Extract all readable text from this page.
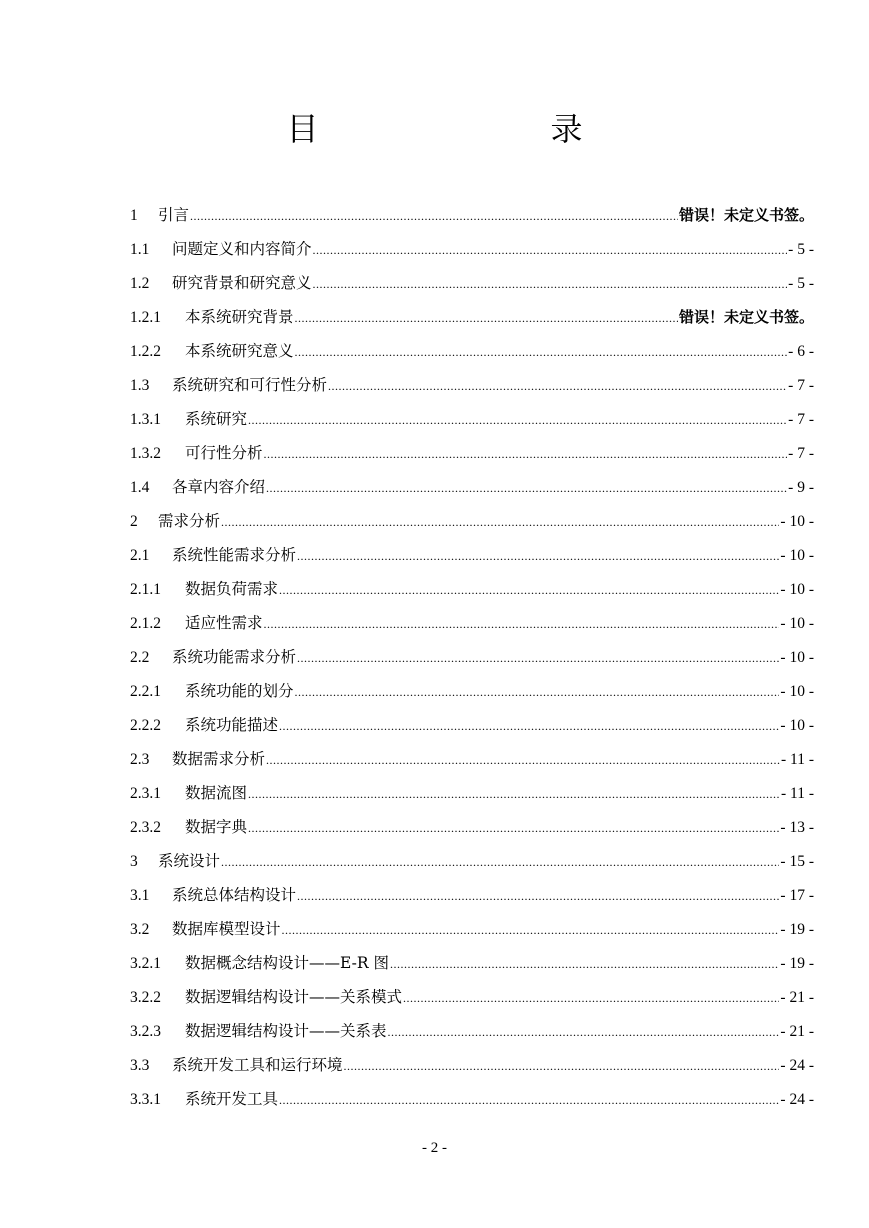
目　　录
1	引言 .....	错误！未定义书签。
1.1	问题定义和内容简介 .....	- 5 -
1.2	研究背景和研究意义 .....	- 5 -
1.2.1	本系统研究背景 .....	错误！未定义书签。
1.2.2	本系统研究意义 .....	- 6 -
1.3	系统研究和可行性分析 .....	- 7 -
1.3.1	系统研究 .....	- 7 -
1.3.2	可行性分析 .....	- 7 -
1.4	各章内容介绍 .....	- 9 -
2	需求分析 .....	- 10 -
2.1	系统性能需求分析 .....	- 10 -
2.1.1	数据负荷需求 .....	- 10 -
2.1.2	适应性需求 .....	- 10 -
2.2	系统功能需求分析 .....	- 10 -
2.2.1	系统功能的划分 .....	- 10 -
2.2.2	系统功能描述 .....	- 10 -
2.3	数据需求分析 .....	- 11 -
2.3.1	数据流图 .....	- 11 -
2.3.2	数据字典 .....	- 13 -
3	系统设计 .....	- 15 -
3.1	系统总体结构设计 .....	- 17 -
3.2	数据库模型设计 .....	- 19 -
3.2.1	数据概念结构设计——E-R 图 .....	- 19 -
3.2.2	数据逻辑结构设计——关系模式 .....	- 21 -
3.2.3	数据逻辑结构设计——关系表 .....	- 21 -
3.3	系统开发工具和运行环境 .....	- 24 -
3.3.1	系统开发工具 .....	- 24 -
- 2 -
